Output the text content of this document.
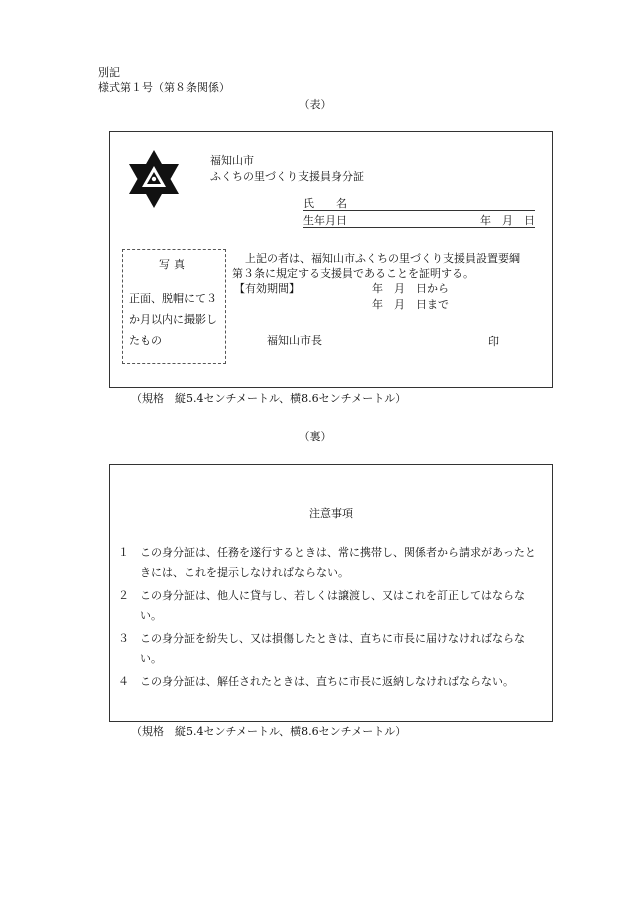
別記
様式第１号（第８条関係）
（表）
福知山市
ふくちの里づくり支援員身分証
氏　　名
生年月日	年　月　日
写真
正面、脱帽にて３か月以内に撮影したもの
上記の者は、福知山市ふくちの里づくり支援員設置要綱
第３条に規定する支援員であることを証明する。
【有効期間】	年　月　日から
年　月　日まで
福知山市長	印
（規格　縦5.4センチメートル、横8.6センチメートル）
（裏）
注意事項
１ この身分証は、任務を遂行するときは、常に携帯し、関係者から請求があったときには、これを提示しなければならない。
２ この身分証は、他人に貸与し、若しくは譲渡し、又はこれを訂正してはならない。
３ この身分証を紛失し、又は損傷したときは、直ちに市長に届けなければならない。
４ この身分証は、解任されたときは、直ちに市長に返納しなければならない。
（規格　縦5.4センチメートル、横8.6センチメートル）
